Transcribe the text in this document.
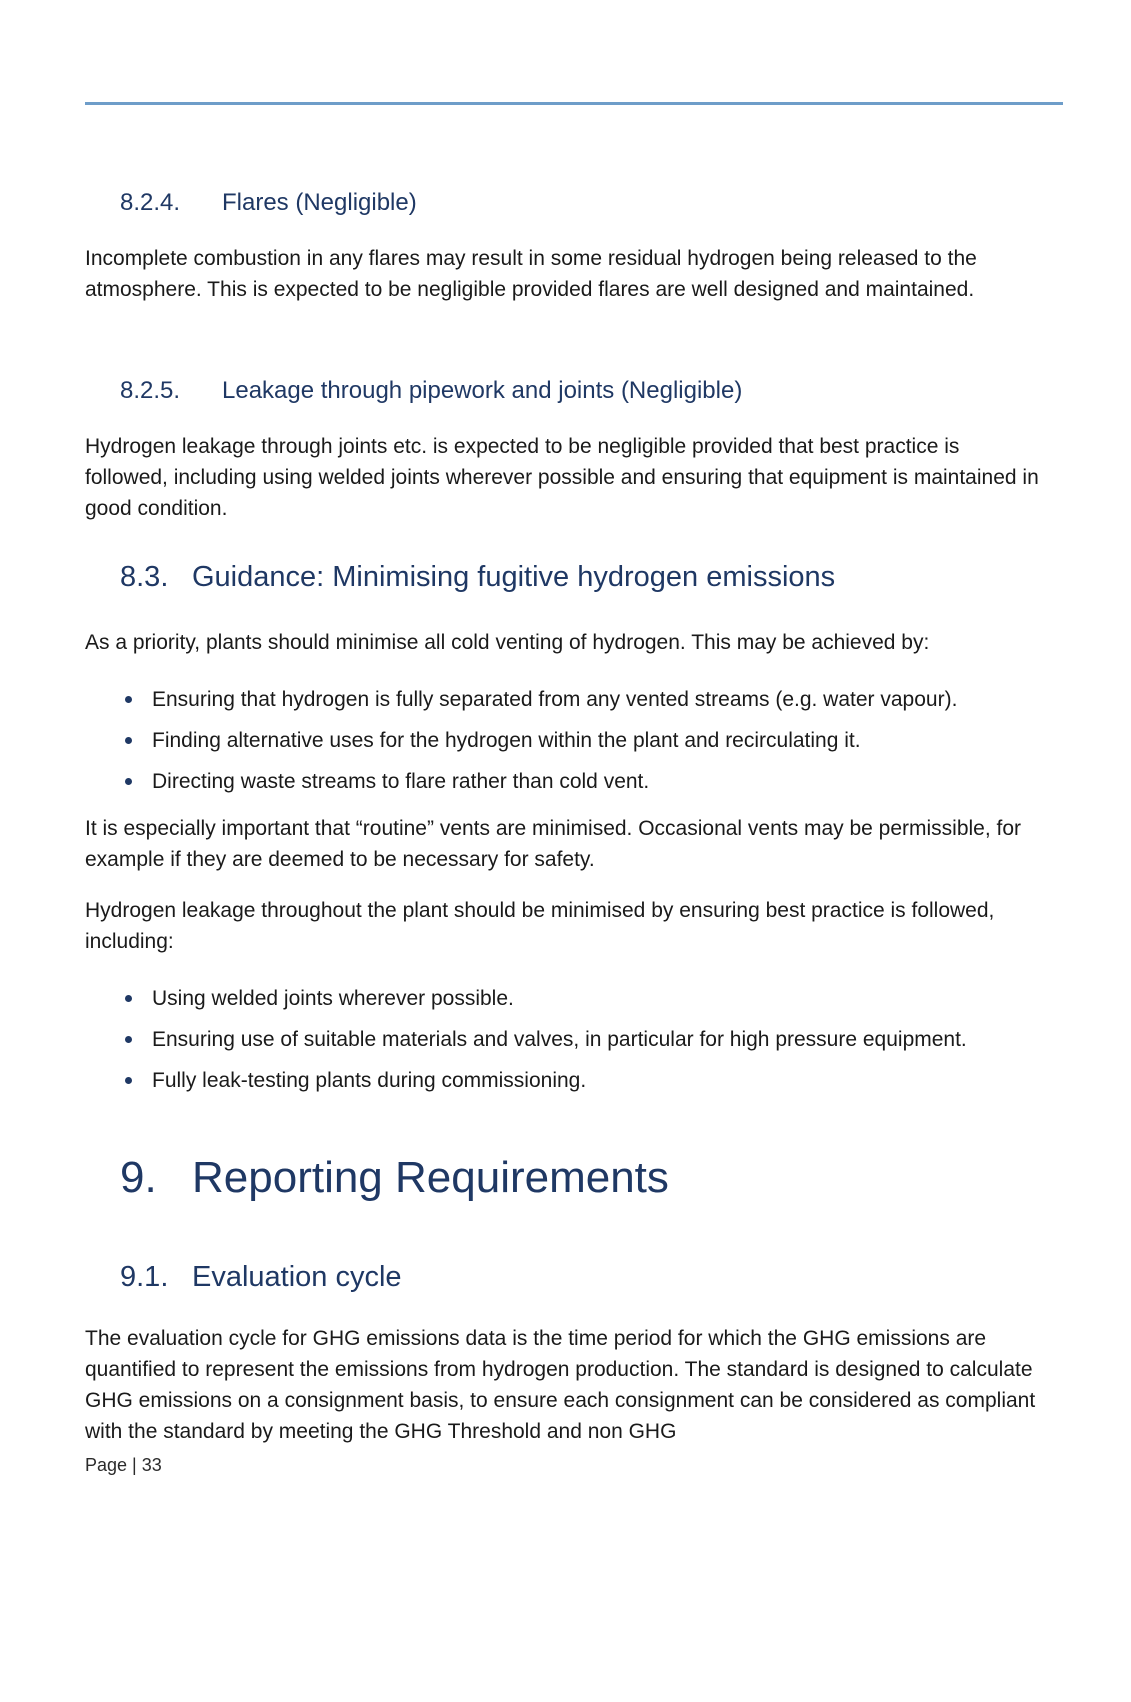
8.2.4.	Flares (Negligible)

Incomplete combustion in any flares may result in some residual hydrogen being released to the atmosphere. This is expected to be negligible provided flares are well designed and maintained.

8.2.5.	Leakage through pipework and joints (Negligible)

Hydrogen leakage through joints etc. is expected to be negligible provided that best practice is followed, including using welded joints wherever possible and ensuring that equipment is maintained in good condition.

8.3. Guidance: Minimising fugitive hydrogen emissions

As a priority, plants should minimise all cold venting of hydrogen. This may be achieved by:

Ensuring that hydrogen is fully separated from any vented streams (e.g. water vapour).
Finding alternative uses for the hydrogen within the plant and recirculating it.
Directing waste streams to flare rather than cold vent.

It is especially important that “routine” vents are minimised. Occasional vents may be permissible, for example if they are deemed to be necessary for safety.

Hydrogen leakage throughout the plant should be minimised by ensuring best practice is followed, including:

Using welded joints wherever possible.
Ensuring use of suitable materials and valves, in particular for high pressure equipment.
Fully leak-testing plants during commissioning.
9. Reporting Requirements
9.1. Evaluation cycle

The evaluation cycle for GHG emissions data is the time period for which the GHG emissions are quantified to represent the emissions from hydrogen production. The standard is designed to calculate GHG emissions on a consignment basis, to ensure each consignment can be considered as compliant with the standard by meeting the GHG Threshold and non GHG

Page | 33
